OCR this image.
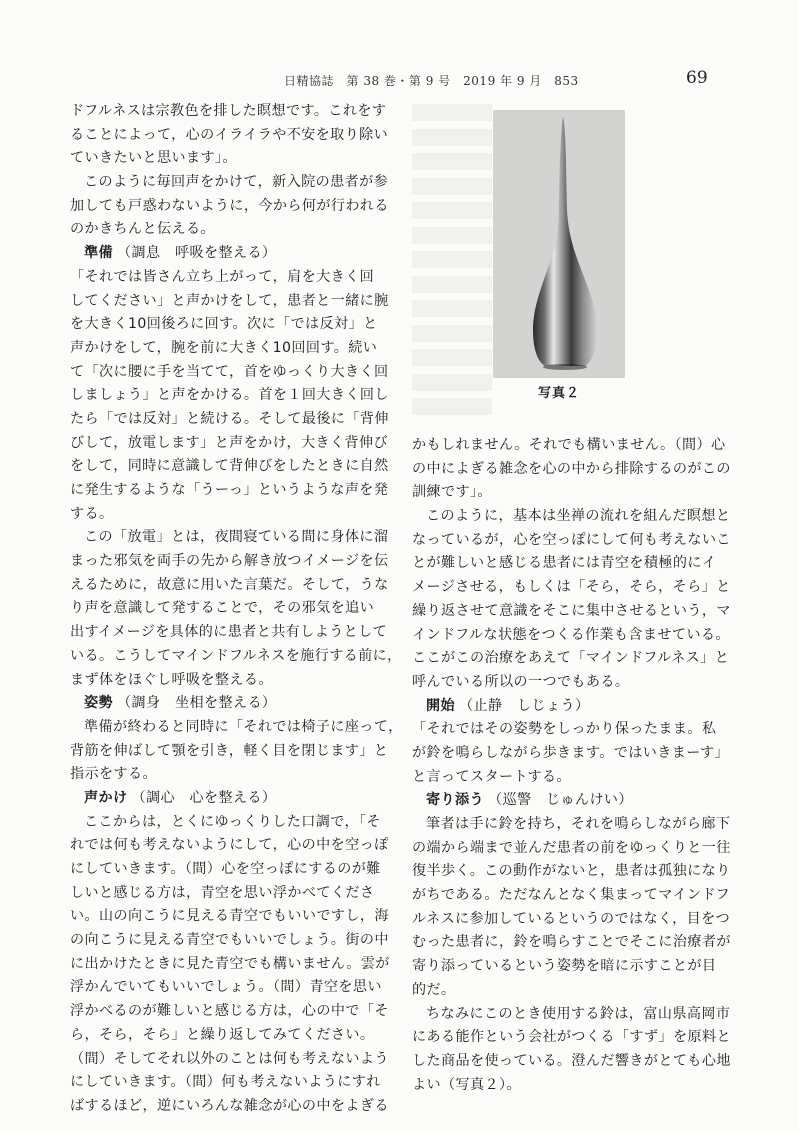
日精協誌　第 38 巻・第 9 号　2019 年 9 月　853	69
写真２
ドフルネスは宗教色を排した瞑想です。これをす
ることによって，心のイライラや不安を取り除い
ていきたいと思います」。
このように毎回声をかけて，新入院の患者が参
加しても戸惑わないように，今から何が行われる
のかきちんと伝える。
準備 （調息　呼吸を整える）
「それでは皆さん立ち上がって，肩を大きく回
してください」と声かけをして，患者と一緒に腕
を大きく10回後ろに回す。次に「では反対」と
声かけをして，腕を前に大きく10回回す。続い
て「次に腰に手を当てて，首をゆっくり大きく回
しましょう」と声をかける。首を１回大きく回し
たら「では反対」と続ける。そして最後に「背伸
びして，放電します」と声をかけ，大きく背伸び
をして，同時に意識して背伸びをしたときに自然
に発生するような「うーっ」というような声を発
する。
この「放電」とは，夜間寝ている間に身体に溜
まった邪気を両手の先から解き放つイメージを伝
えるために，故意に用いた言葉だ。そして，うな
り声を意識して発することで，その邪気を追い
出すイメージを具体的に患者と共有しようとして
いる。こうしてマインドフルネスを施行する前に，
まず体をほぐし呼吸を整える。
姿勢 （調身　坐相を整える）
準備が終わると同時に「それでは椅子に座って，
背筋を伸ばして顎を引き，軽く目を閉じます」と
指示をする。
声かけ （調心　心を整える）
ここからは，とくにゆっくりした口調で，「そ
れでは何も考えないようにして，心の中を空っぽ
にしていきます。（間）心を空っぽにするのが難
しいと感じる方は，青空を思い浮かべてくださ
い。山の向こうに見える青空でもいいですし，海
の向こうに見える青空でもいいでしょう。街の中
に出かけたときに見た青空でも構いません。雲が
浮かんでいてもいいでしょう。（間）青空を思い
浮かべるのが難しいと感じる方は，心の中で「そ
ら，そら，そら」と繰り返してみてください。
（間）そしてそれ以外のことは何も考えないよう
にしていきます。（間）何も考えないようにすれ
ばするほど，逆にいろんな雑念が心の中をよぎる
かもしれません。それでも構いません。（間）心
の中によぎる雑念を心の中から排除するのがこの
訓練です」。
このように，基本は坐禅の流れを組んだ瞑想と
なっているが，心を空っぽにして何も考えないこ
とが難しいと感じる患者には青空を積極的にイ
メージさせる，もしくは「そら，そら，そら」と
繰り返させて意識をそこに集中させるという，マ
インドフルな状態をつくる作業も含ませている。
ここがこの治療をあえて「マインドフルネス」と
呼んでいる所以の一つでもある。
開始 （止静　しじょう）
「それではその姿勢をしっかり保ったまま。私
が鈴を鳴らしながら歩きます。ではいきまーす」
と言ってスタートする。
寄り添う （巡警　じゅんけい）
筆者は手に鈴を持ち，それを鳴らしながら廊下
の端から端まで並んだ患者の前をゆっくりと一往
復半歩く。この動作がないと，患者は孤独になり
がちである。ただなんとなく集まってマインドフ
ルネスに参加しているというのではなく，目をつ
むった患者に，鈴を鳴らすことでそこに治療者が
寄り添っているという姿勢を暗に示すことが目
的だ。
ちなみにこのとき使用する鈴は，富山県高岡市
にある能作という会社がつくる「すず」を原料と
した商品を使っている。澄んだ響きがとても心地
よい（写真２）。
